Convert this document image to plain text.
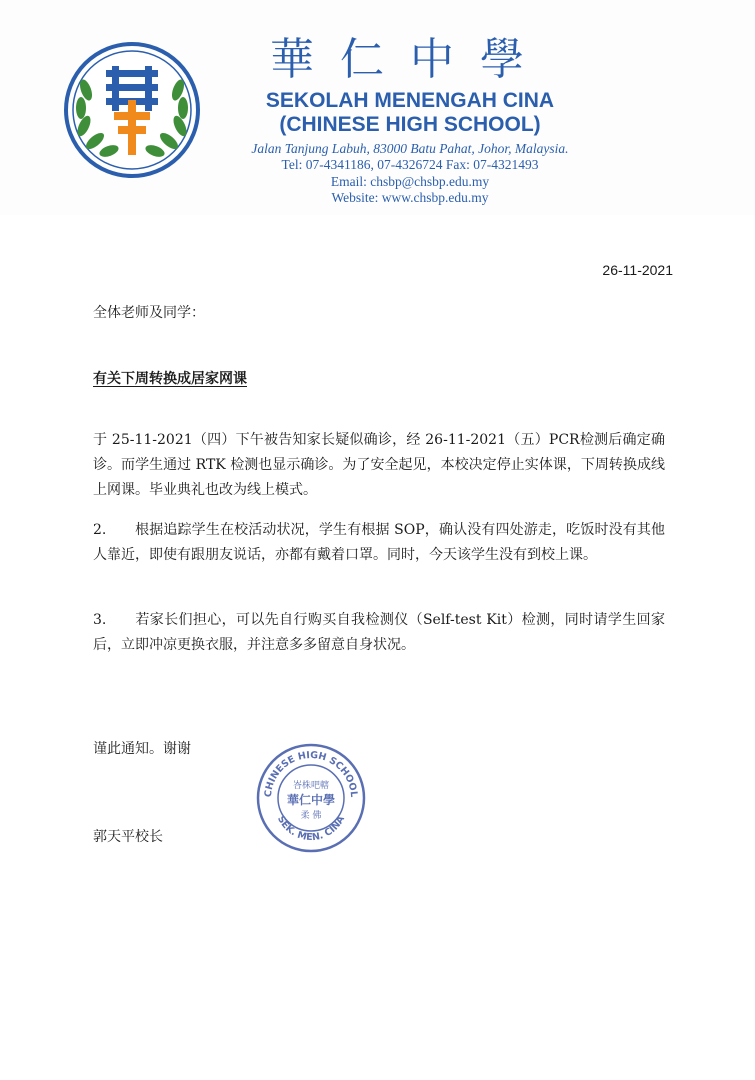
華仁中學
SEKOLAH MENENGAH CINA
(CHINESE HIGH SCHOOL)
Jalan Tanjung Labuh, 83000 Batu Pahat, Johor, Malaysia.
Tel: 07-4341186, 07-4326724 Fax: 07-4321493
Email: chsbp@chsbp.edu.my
Website: www.chsbp.edu.my
26-11-2021
全体老师及同学：
有关下周转换成居家网课
于 25-11-2021（四）下午被告知家长疑似确诊，经 26-11-2021（五）PCR检测后确定确诊。而学生通过 RTK 检测也显示确诊。为了安全起见，本校决定停止实体课，下周转换成线上网课。毕业典礼也改为线上模式。
2. 根据追踪学生在校活动状况，学生有根据 SOP，确认没有四处游走，吃饭时没有其他人靠近，即使有跟朋友说话，亦都有戴着口罩。同时，今天该学生没有到校上课。
3. 若家长们担心，可以先自行购买自我检测仪（Self-test Kit）检测，同时请学生回家后，立即冲凉更换衣服，并注意多多留意自身状况。
谨此通知。谢谢
郭天平校长
CHINESE HIGH SCHOOL
SEK. MEN. CINA
峇株吧轄
華仁中學
柔 佛
